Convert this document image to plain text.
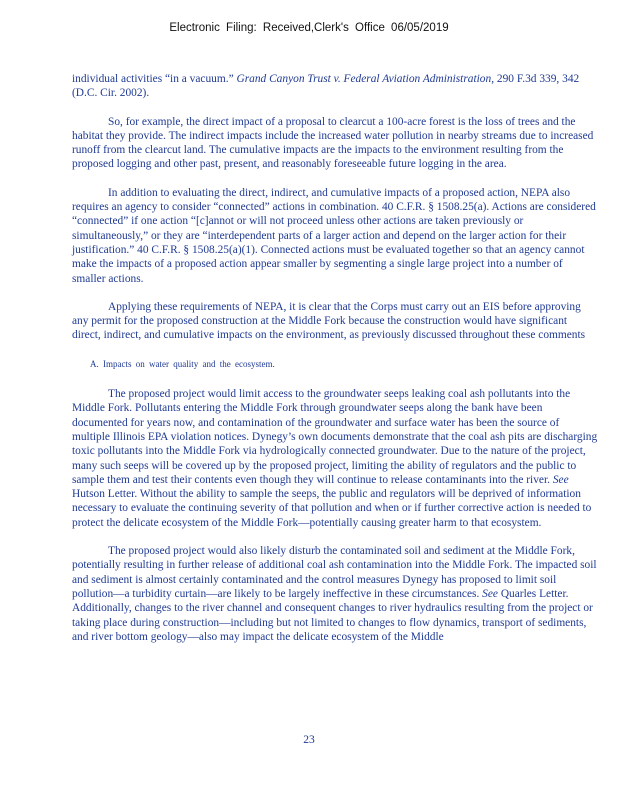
Electronic Filing: Received,Clerk's Office 06/05/2019

individual activities “in a vacuum.” Grand Canyon Trust v. Federal Aviation Administration, 290 F.3d 339, 342 (D.C. Cir. 2002).

So, for example, the direct impact of a proposal to clearcut a 100-acre forest is the loss of trees and the habitat they provide. The indirect impacts include the increased water pollution in nearby streams due to increased runoff from the clearcut land. The cumulative impacts are the impacts to the environment resulting from the proposed logging and other past, present, and reasonably foreseeable future logging in the area.

In addition to evaluating the direct, indirect, and cumulative impacts of a proposed action, NEPA also requires an agency to consider “connected” actions in combination. 40 C.F.R. § 1508.25(a). Actions are considered “connected” if one action “[c]annot or will not proceed unless other actions are taken previously or simultaneously,” or they are “interdependent parts of a larger action and depend on the larger action for their justification.” 40 C.F.R. § 1508.25(a)(1). Connected actions must be evaluated together so that an agency cannot make the impacts of a proposed action appear smaller by segmenting a single large project into a number of smaller actions.

Applying these requirements of NEPA, it is clear that the Corps must carry out an EIS before approving any permit for the proposed construction at the Middle Fork because the construction would have significant direct, indirect, and cumulative impacts on the environment, as previously discussed throughout these comments

A. Impacts on water quality and the ecosystem.

The proposed project would limit access to the groundwater seeps leaking coal ash pollutants into the Middle Fork. Pollutants entering the Middle Fork through groundwater seeps along the bank have been documented for years now, and contamination of the groundwater and surface water has been the source of multiple Illinois EPA violation notices. Dynegy’s own documents demonstrate that the coal ash pits are discharging toxic pollutants into the Middle Fork via hydrologically connected groundwater. Due to the nature of the project, many such seeps will be covered up by the proposed project, limiting the ability of regulators and the public to sample them and test their contents even though they will continue to release contaminants into the river. See Hutson Letter. Without the ability to sample the seeps, the public and regulators will be deprived of information necessary to evaluate the continuing severity of that pollution and when or if further corrective action is needed to protect the delicate ecosystem of the Middle Fork—potentially causing greater harm to that ecosystem.

The proposed project would also likely disturb the contaminated soil and sediment at the Middle Fork, potentially resulting in further release of additional coal ash contamination into the Middle Fork. The impacted soil and sediment is almost certainly contaminated and the control measures Dynegy has proposed to limit soil pollution—a turbidity curtain—are likely to be largely ineffective in these circumstances. See Quarles Letter. Additionally, changes to the river channel and consequent changes to river hydraulics resulting from the project or taking place during construction—including but not limited to changes to flow dynamics, transport of sediments, and river bottom geology—also may impact the delicate ecosystem of the Middle

23
